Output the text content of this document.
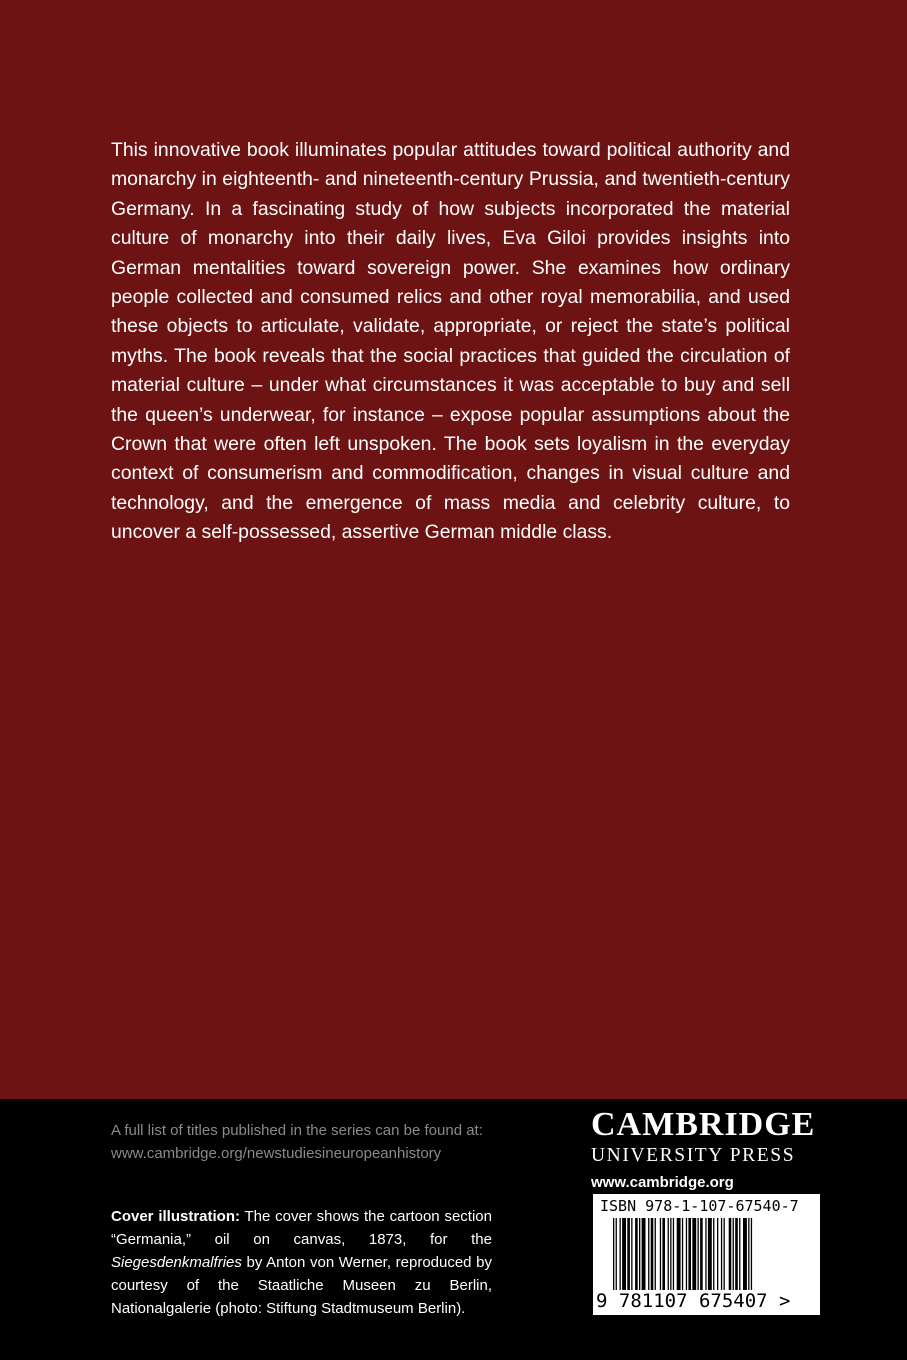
This innovative book illuminates popular attitudes toward political authority and monarchy in eighteenth- and nineteenth-century Prussia, and twentieth-century Germany. In a fascinating study of how subjects incorporated the material culture of monarchy into their daily lives, Eva Giloi provides insights into German mentalities toward sovereign power. She examines how ordinary people collected and consumed relics and other royal memorabilia, and used these objects to articulate, validate, appropriate, or reject the state’s political myths. The book reveals that the social practices that guided the circulation of material culture – under what circumstances it was acceptable to buy and sell the queen’s underwear, for instance – expose popular assumptions about the Crown that were often left unspoken. The book sets loyalism in the everyday context of consumerism and commodification, changes in visual culture and technology, and the emergence of mass media and celebrity culture, to uncover a self-possessed, assertive German middle class.

A full list of titles published in the series can be found at:
www.cambridge.org/newstudiesineuropeanhistory
Cover illustration: The cover shows the cartoon section “Germania,” oil on canvas, 1873, for the Siegesdenkmalfries by Anton von Werner, reproduced by courtesy of the Staatliche Museen zu Berlin, Nationalgalerie (photo: Stiftung Stadtmuseum Berlin).
CAMBRIDGE
UNIVERSITY PRESS
www.cambridge.org
ISBN 978-1-107-67540-7
9 781107 675407 >
